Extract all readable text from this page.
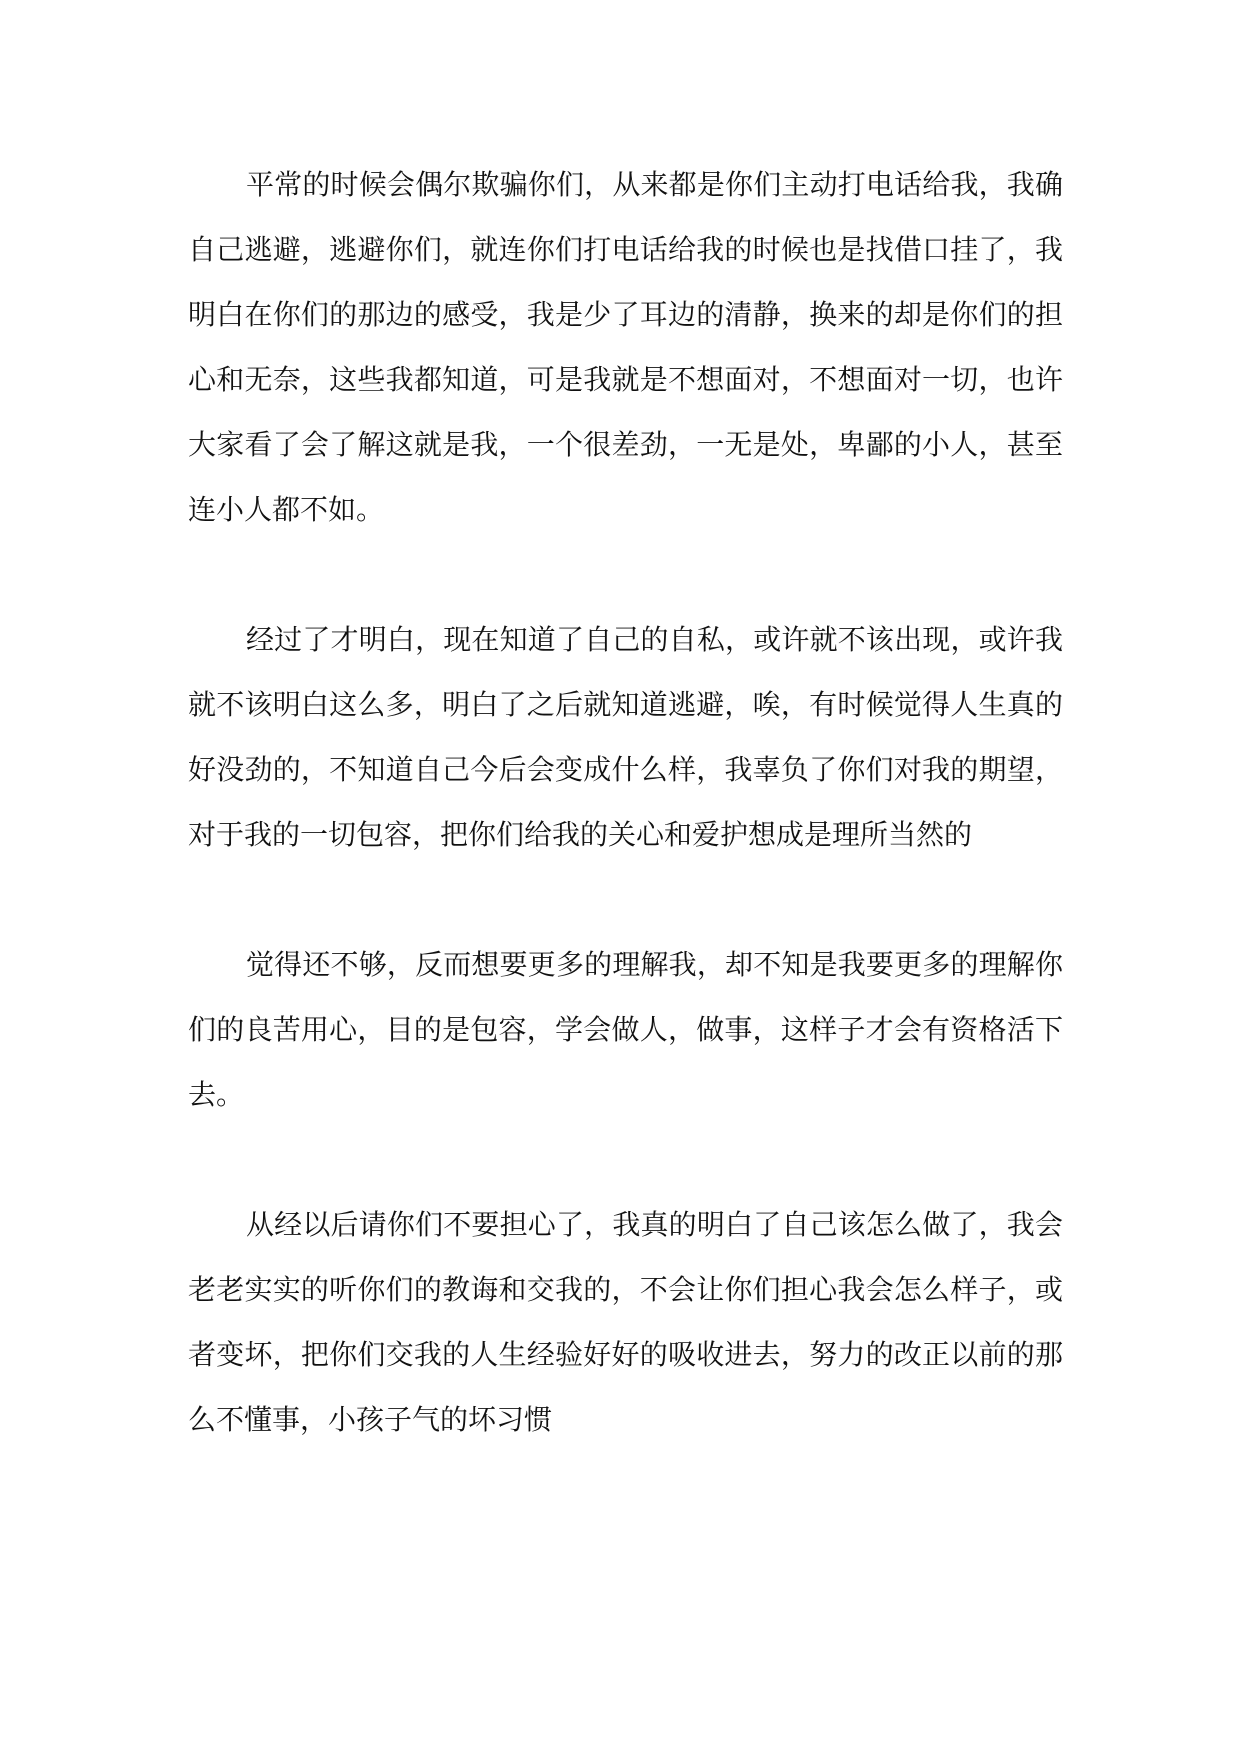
平常的时候会偶尔欺骗你们，从来都是你们主动打电话给我，我确自己逃避，逃避你们，就连你们打电话给我的时候也是找借口挂了，我明白在你们的那边的感受，我是少了耳边的清静，换来的却是你们的担心和无奈，这些我都知道，可是我就是不想面对，不想面对一切，也许大家看了会了解这就是我，一个很差劲，一无是处，卑鄙的小人，甚至连小人都不如。

经过了才明白，现在知道了自己的自私，或许就不该出现，或许我就不该明白这么多，明白了之后就知道逃避，唉，有时候觉得人生真的好没劲的，不知道自己今后会变成什么样，我辜负了你们对我的期望，对于我的一切包容，把你们给我的关心和爱护想成是理所当然的

觉得还不够，反而想要更多的理解我，却不知是我要更多的理解你们的良苦用心，目的是包容，学会做人，做事，这样子才会有资格活下去。

从经以后请你们不要担心了，我真的明白了自己该怎么做了，我会老老实实的听你们的教诲和交我的，不会让你们担心我会怎么样子，或者变坏，把你们交我的人生经验好好的吸收进去，努力的改正以前的那么不懂事，小孩子气的坏习惯
